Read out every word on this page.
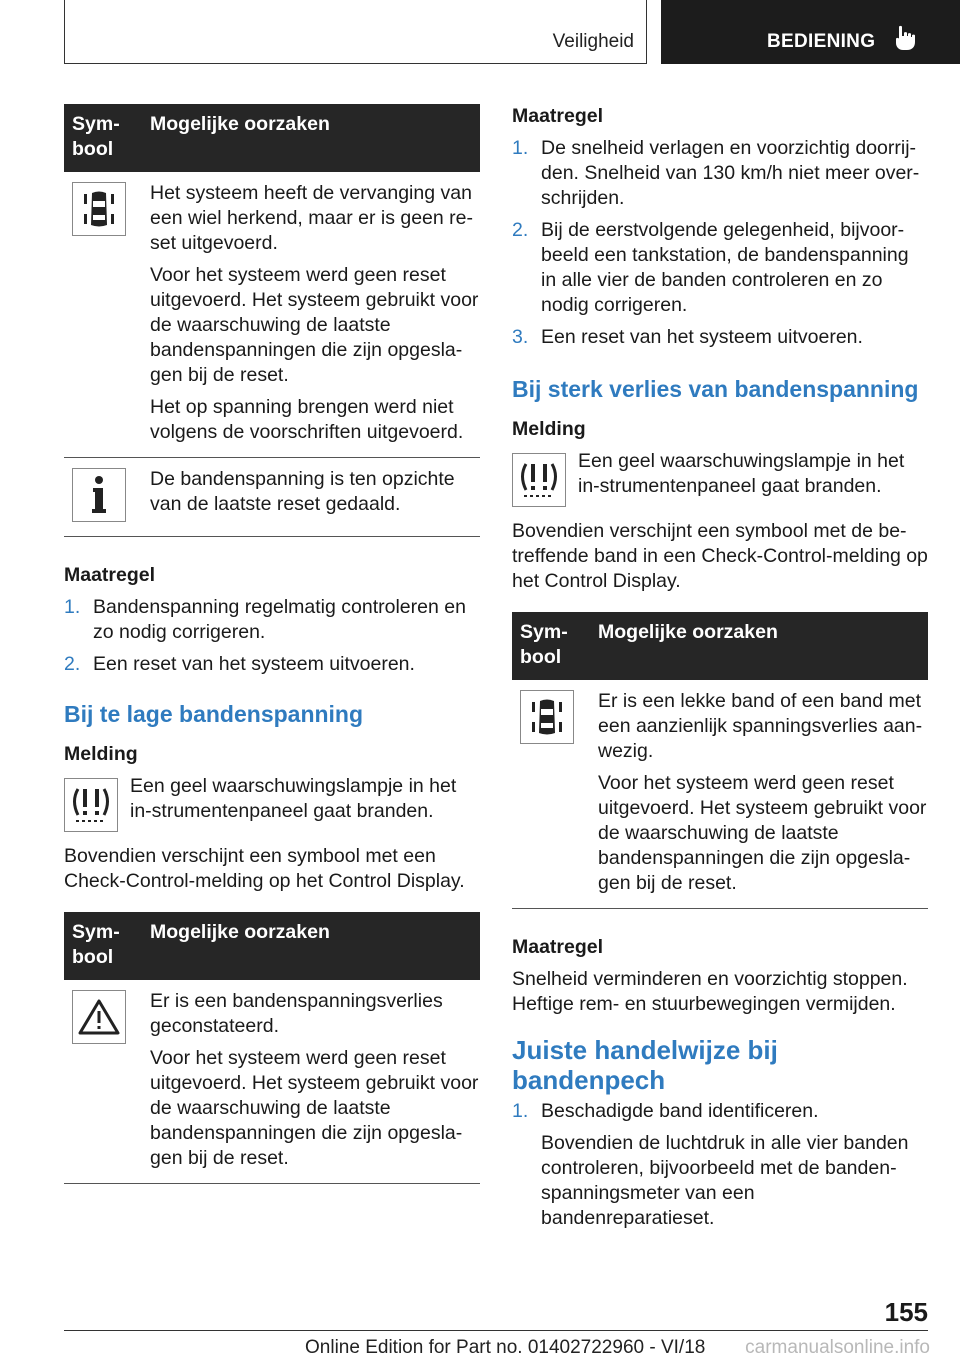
Veiligheid	BEDIENING
Sym-
bool
Mogelijke oorzaken

Het systeem heeft de vervanging van een wiel herkend, maar er is geen re-set uitgevoerd.

Voor het systeem werd geen reset uitgevoerd. Het systeem gebruikt voor de waarschuwing de laatste bandenspanningen die zijn opgesla-gen bij de reset.

Het op spanning brengen werd niet volgens de voorschriften uitgevoerd.

De bandenspanning is ten opzichte van de laatste reset gedaald.

Maatregel
1. Bandenspanning regelmatig controleren en zo nodig corrigeren.
2. Een reset van het systeem uitvoeren.
Bij te lage bandenspanning
Melding

Een geel waarschuwingslampje in het in-strumentenpaneel gaat branden.

Bovendien verschijnt een symbool met een Check-Control-melding op het Control Display.

Sym-
bool
Mogelijke oorzaken

Er is een bandenspanningsverlies geconstateerd.

Voor het systeem werd geen reset uitgevoerd. Het systeem gebruikt voor de waarschuwing de laatste bandenspanningen die zijn opgesla-gen bij de reset.

Maatregel
1. De snelheid verlagen en voorzichtig doorrij-den. Snelheid van 130 km/h niet meer over-schrijden.
2. Bij de eerstvolgende gelegenheid, bijvoor-beeld een tankstation, de bandenspanning in alle vier de banden controleren en zo nodig corrigeren.
3. Een reset van het systeem uitvoeren.
Bij sterk verlies van bandenspanning
Melding

Een geel waarschuwingslampje in het in-strumentenpaneel gaat branden.

Bovendien verschijnt een symbool met de be-treffende band in een Check-Control-melding op het Control Display.

Sym-
bool
Mogelijke oorzaken

Er is een lekke band of een band met een aanzienlijk spanningsverlies aan-wezig.

Voor het systeem werd geen reset uitgevoerd. Het systeem gebruikt voor de waarschuwing de laatste bandenspanningen die zijn opgesla-gen bij de reset.

Maatregel

Snelheid verminderen en voorzichtig stoppen. Heftige rem- en stuurbewegingen vermijden.

Juiste handelwijze bij bandenpech
1. Beschadigde band identificeren.

Bovendien de luchtdruk in alle vier banden controleren, bijvoorbeeld met de banden-spanningsmeter van een bandenreparatieset.

155
Online Edition for Part no. 01402722960 - VI/18 carmanualsonline.info
